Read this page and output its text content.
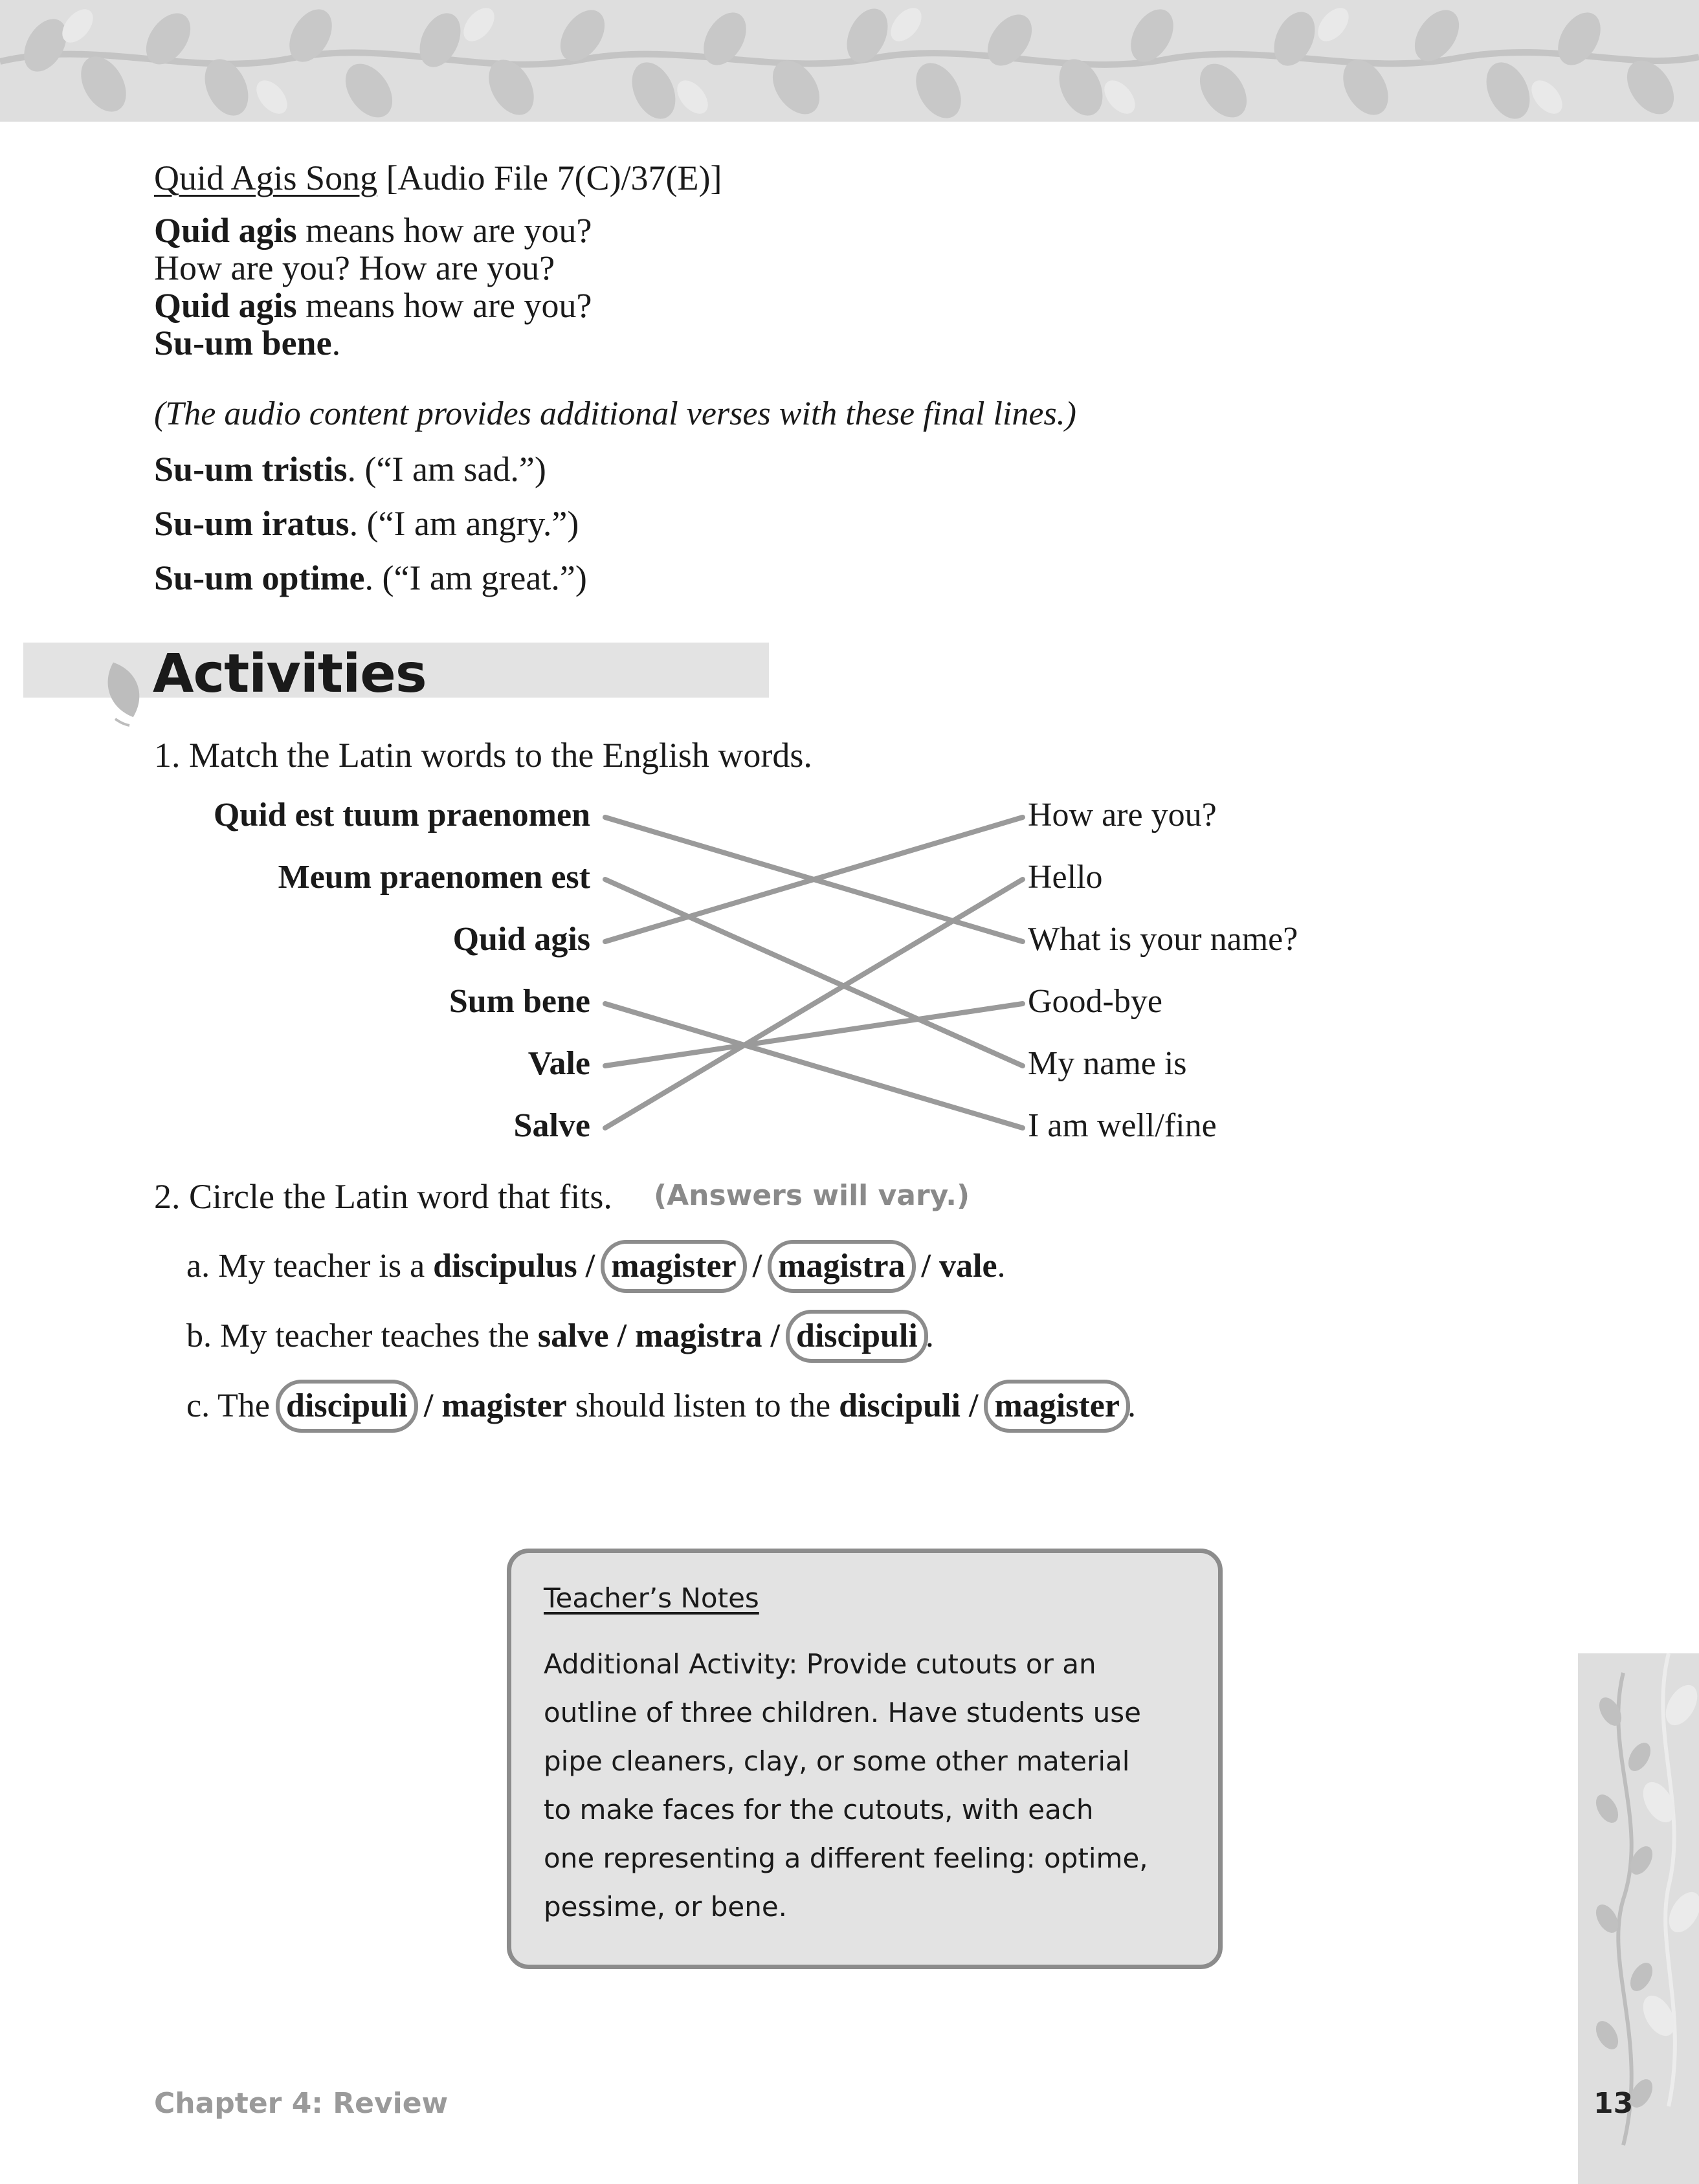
Quid Agis Song [Audio File 7(C)/37(E)]
Quid agis means how are you?
How are you? How are you?
Quid agis means how are you?
Su-um bene.
(The audio content provides additional verses with these final lines.)
Su-um tristis. (“I am sad.”)
Su-um iratus. (“I am angry.”)
Su-um optime. (“I am great.”)
Activities
1. Match the Latin words to the English words.
Quid est tuum praenomen
Meum praenomen est
Quid agis
Sum bene
Vale
Salve
How are you?
Hello
What is your name?
Good-bye
My name is
I am well/fine
2. Circle the Latin word that fits. (Answers will vary.)
a. My teacher is a discipulus / magister / magistra / vale.
b. My teacher teaches the salve / magistra / discipuli .
c. The discipuli / magister should listen to the discipuli / magister .
Teacher’s Notes
Additional Activity: Provide cutouts or an
outline of three children. Have students use
pipe cleaners, clay, or some other material
to make faces for the cutouts, with each
one representing a different feeling: optime,
pessime, or bene.
Chapter 4: Review	13
